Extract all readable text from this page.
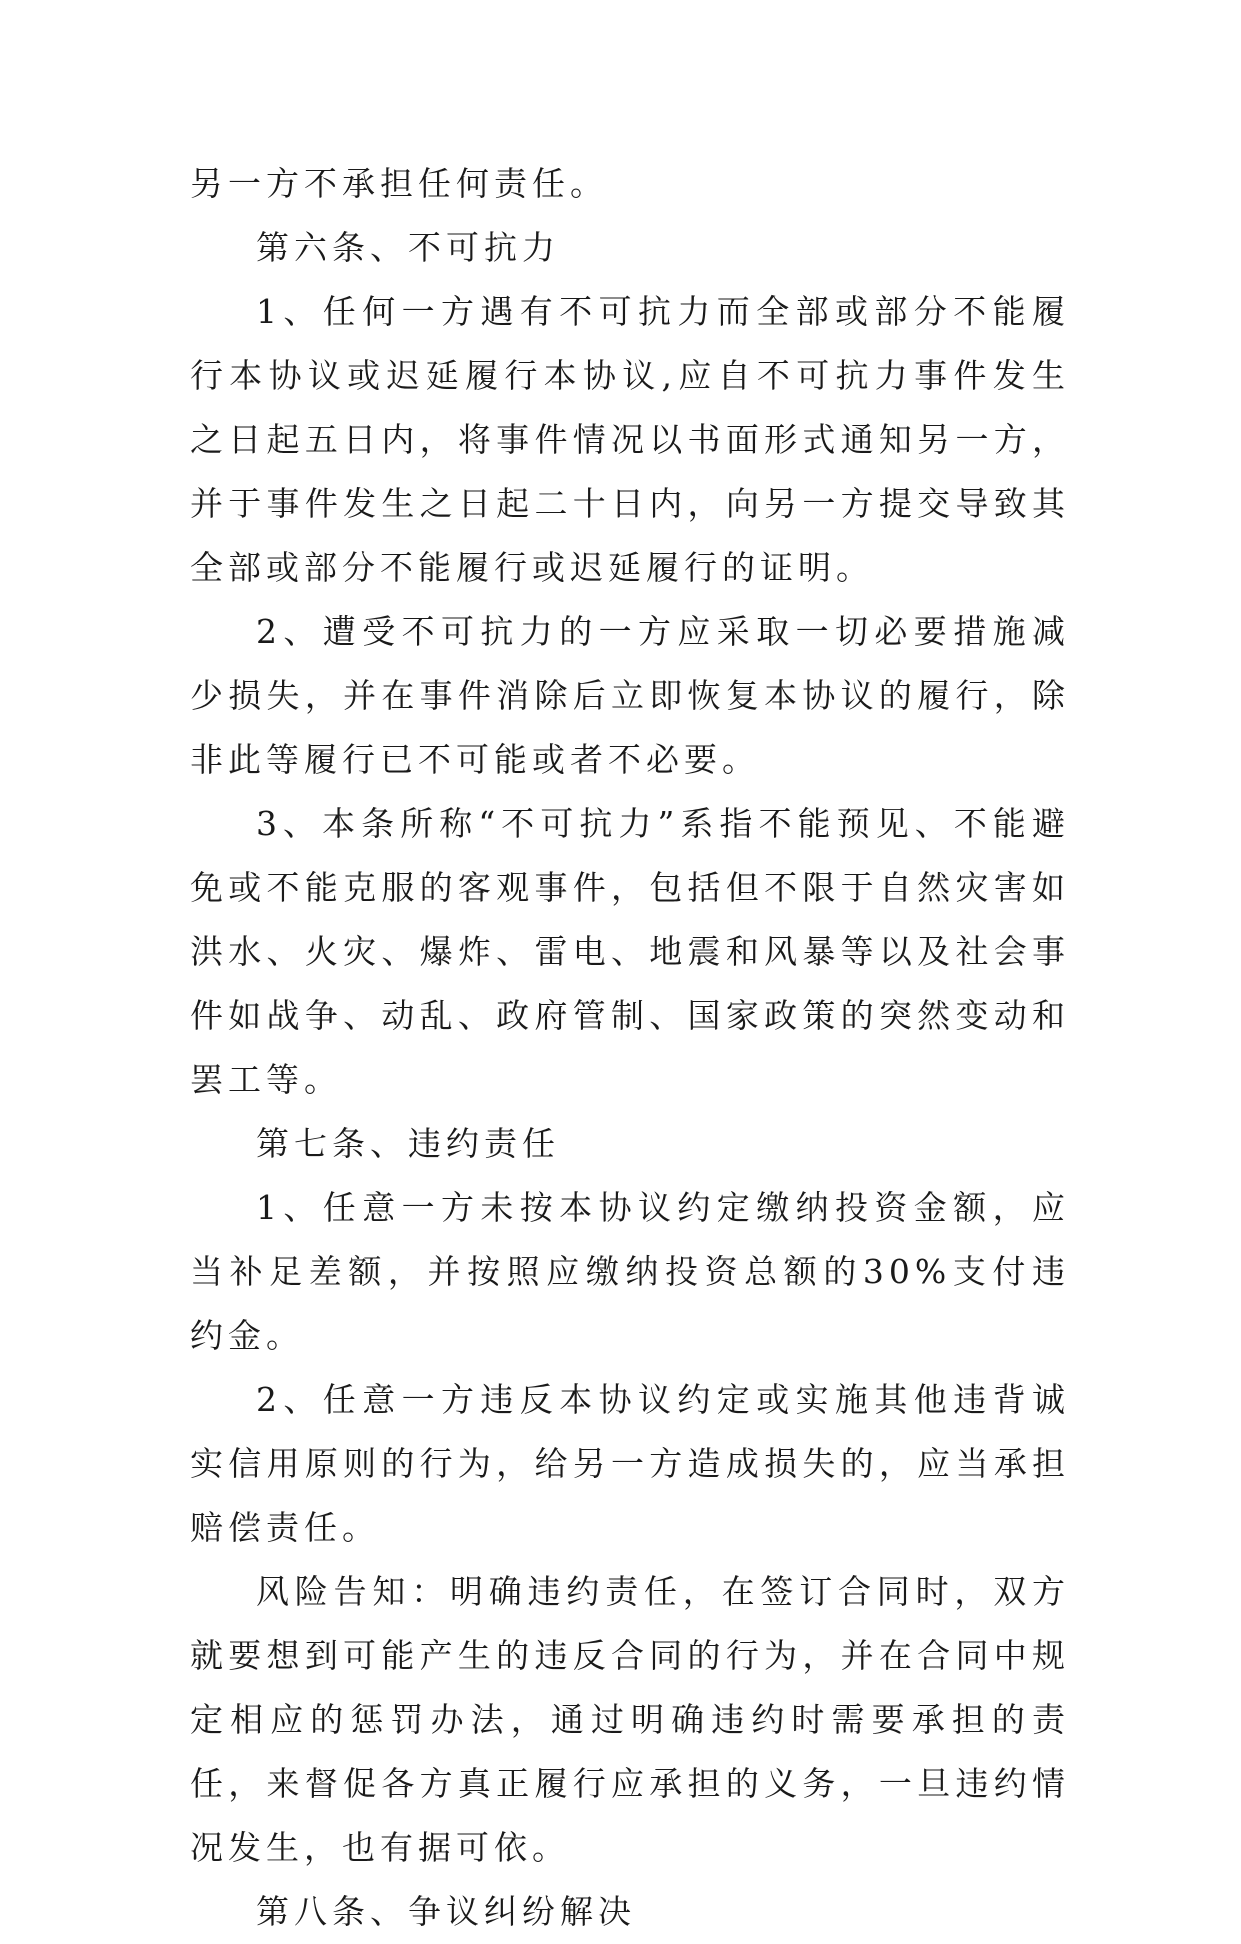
另一方不承担任何责任。

第六条、不可抗力

1、任何一方遇有不可抗力而全部或部分不能履行本协议或迟延履行本协议,应自不可抗力事件发生之日起五日内，将事件情况以书面形式通知另一方，并于事件发生之日起二十日内，向另一方提交导致其全部或部分不能履行或迟延履行的证明。

2、遭受不可抗力的一方应采取一切必要措施减少损失，并在事件消除后立即恢复本协议的履行，除非此等履行已不可能或者不必要。

3、本条所称“不可抗力”系指不能预见、不能避免或不能克服的客观事件，包括但不限于自然灾害如洪水、火灾、爆炸、雷电、地震和风暴等以及社会事件如战争、动乱、政府管制、国家政策的突然变动和罢工等。

第七条、违约责任

1、任意一方未按本协议约定缴纳投资金额，应当补足差额，并按照应缴纳投资总额的30%支付违约金。

2、任意一方违反本协议约定或实施其他违背诚实信用原则的行为，给另一方造成损失的，应当承担赔偿责任。

风险告知：明确违约责任，在签订合同时，双方就要想到可能产生的违反合同的行为，并在合同中规定相应的惩罚办法，通过明确违约时需要承担的责任，来督促各方真正履行应承担的义务，一旦违约情况发生，也有据可依。

第八条、争议纠纷解决
